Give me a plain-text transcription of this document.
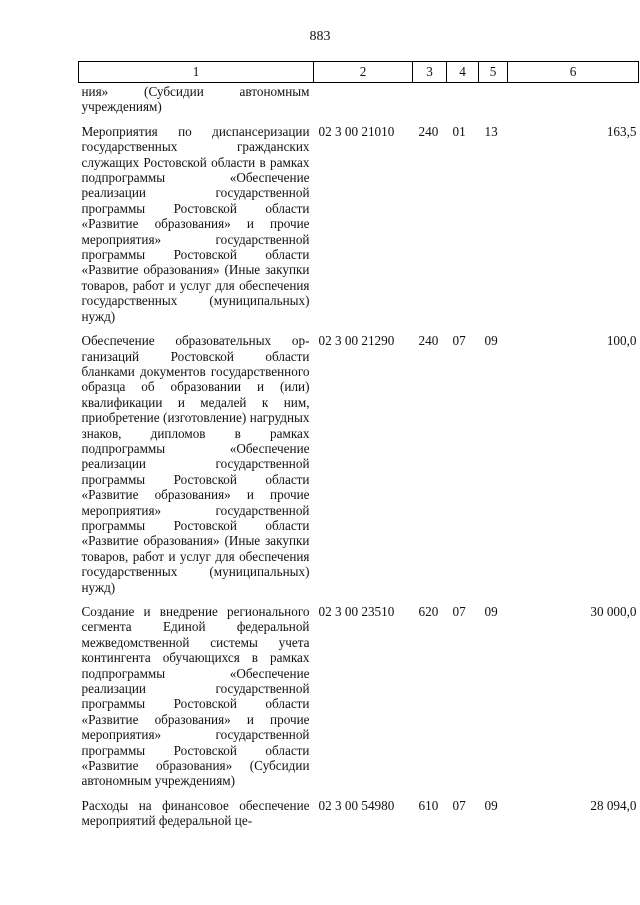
883
1	2	3	4	5	6
ния» (Субсидии автономным учреждениям)					
Мероприятия по диспансеризации государственных гражданских служащих Ростовской области в рамках подпрограммы «Обеспечение реализации государственной программы Ростовской области «Развитие образования» и прочие мероприятия» государственной программы Ростовской области «Развитие образования» (Иные закупки товаров, работ и услуг для обеспечения государственных (муниципальных) нужд)	02 3 00 21010	240	01	13	163,5
Обеспечение образовательных организаций Ростовской области бланками документов государственного образца об образовании и (или) квалификации и медалей к ним, приобретение (изготовление) нагрудных знаков, дипломов в рамках подпрограммы «Обеспечение реализации государственной программы Ростовской области «Развитие образования» и прочие мероприятия» государственной программы Ростовской области «Развитие образования» (Иные закупки товаров, работ и услуг для обеспечения государственных (муниципальных) нужд)	02 3 00 21290	240	07	09	100,0
Создание и внедрение регионального сегмента Единой федеральной межведомственной системы учета контингента обучающихся в рамках подпрограммы «Обеспечение реализации государственной программы Ростовской области «Развитие образования» и прочие мероприятия» государственной программы Ростовской области «Развитие образования» (Субсидии автономным учреждениям)	02 3 00 23510	620	07	09	30 000,0
Расходы на финансовое обеспечение мероприятий федеральной це-	02 3 00 54980	610	07	09	28 094,0
